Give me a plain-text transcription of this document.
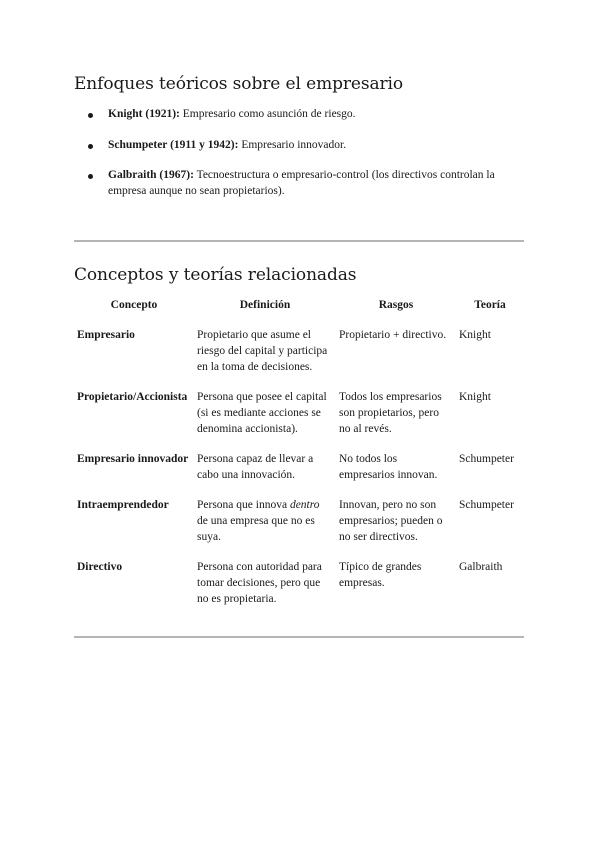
Enfoques teóricos sobre el empresario
Knight (1921): Empresario como asunción de riesgo.
Schumpeter (1911 y 1942): Empresario innovador.
Galbraith (1967): Tecnoestructura o empresario-control (los directivos controlan la empresa aunque no sean propietarios).
Conceptos y teorías relacionadas
Concepto	Definición	Rasgos	Teoría
Empresario	Propietario que asume el riesgo del capital y participa en la toma de decisiones.	Propietario + directivo.	Knight
Propietario/Accionista	Persona que posee el capital (si es mediante acciones se denomina accionista).	Todos los empresarios son propietarios, pero no al revés.	Knight
Empresario innovador	Persona capaz de llevar a cabo una innovación.	No todos los empresarios innovan.	Schumpeter
Intraemprendedor	Persona que innova dentro de una empresa que no es suya.	Innovan, pero no son empresarios; pueden o no ser directivos.	Schumpeter
Directivo	Persona con autoridad para tomar decisiones, pero que no es propietaria.	Típico de grandes empresas.	Galbraith
